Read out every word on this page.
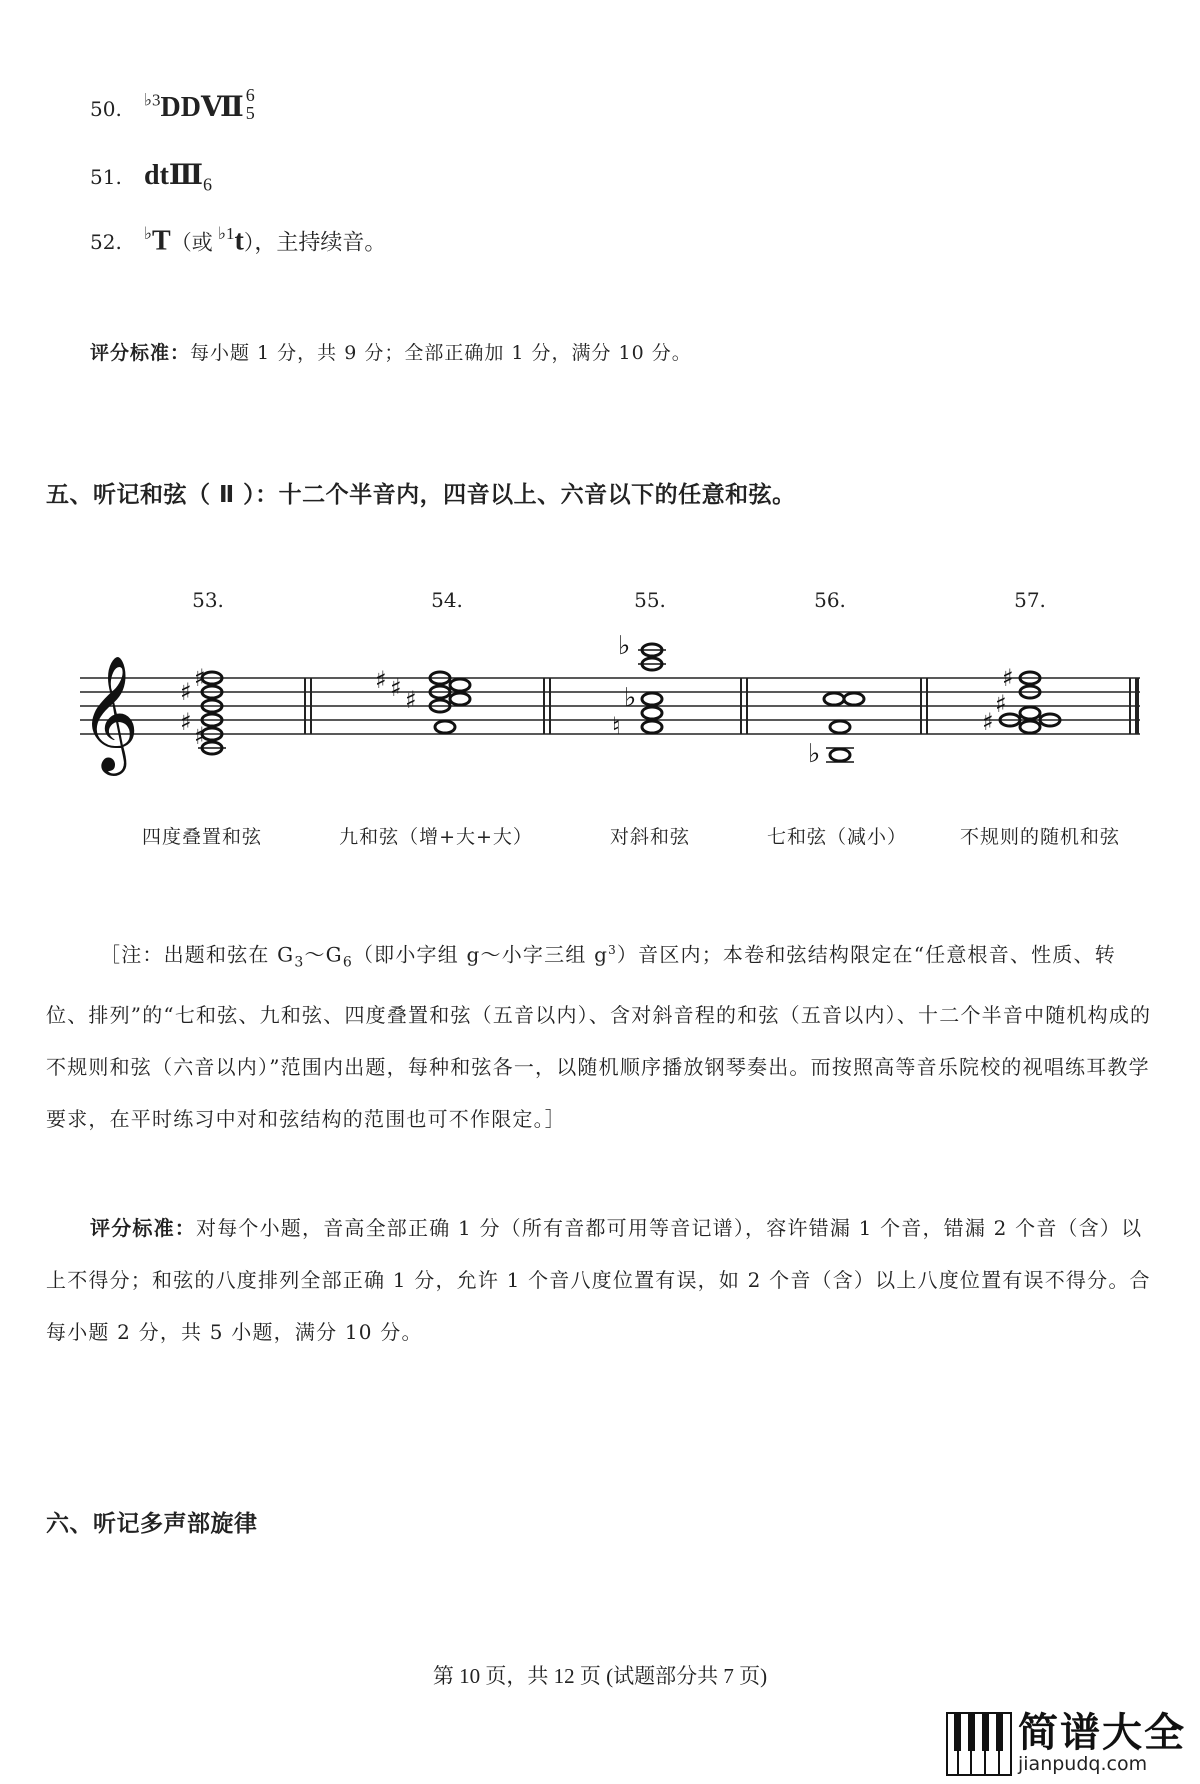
50.	$^{♭3}$DDⅦ 6
5
51. $dtⅢ_6$
52.	♭T（或 $^{♭1}$t），主持续音。
评分标准：每小题 1 分，共 9 分；全部正确加 1 分，满分 10 分。
五、听记和弦（ Ⅱ ）：十二个半音内，四音以上、六音以下的任意和弦。
53.	54.	55.	56.	57.
𝄞 ♯
♯ ♯
♯
♯ ♯ ♯
♭
♭
♮
♭
♯
♯
♯
四度叠置和弦	九和弦（增+大+大）	对斜和弦	七和弦（减小）	不规则的随机和弦
［注：出题和弦在 $G_3\sim G_6$（即小字组 g～小字三组 $g^3$）音区内；本卷和弦结构限定在“任意根音、性质、转位、排列”的“七和弦、九和弦、四度叠置和弦（五音以内）、含对斜音程的和弦（五音以内）、十二个半音中随机构成的不规则和弦（六音以内）”范围内出题，每种和弦各一，以随机顺序播放钢琴奏出。而按照高等音乐院校的视唱练耳教学要求，在平时练习中对和弦结构的范围也可不作限定。］
评分标准：对每个小题，音高全部正确 1 分（所有音都可用等音记谱），容许错漏 1 个音，错漏 2 个音（含）以上不得分；和弦的八度排列全部正确 1 分，允许 1 个音八度位置有误，如 2 个音（含）以上八度位置有误不得分。合每小题 2 分，共 5 小题，满分 10 分。
六、听记多声部旋律
第 10 页，共 12 页 (试题部分共 7 页)
简谱大全
jianpudq.com
